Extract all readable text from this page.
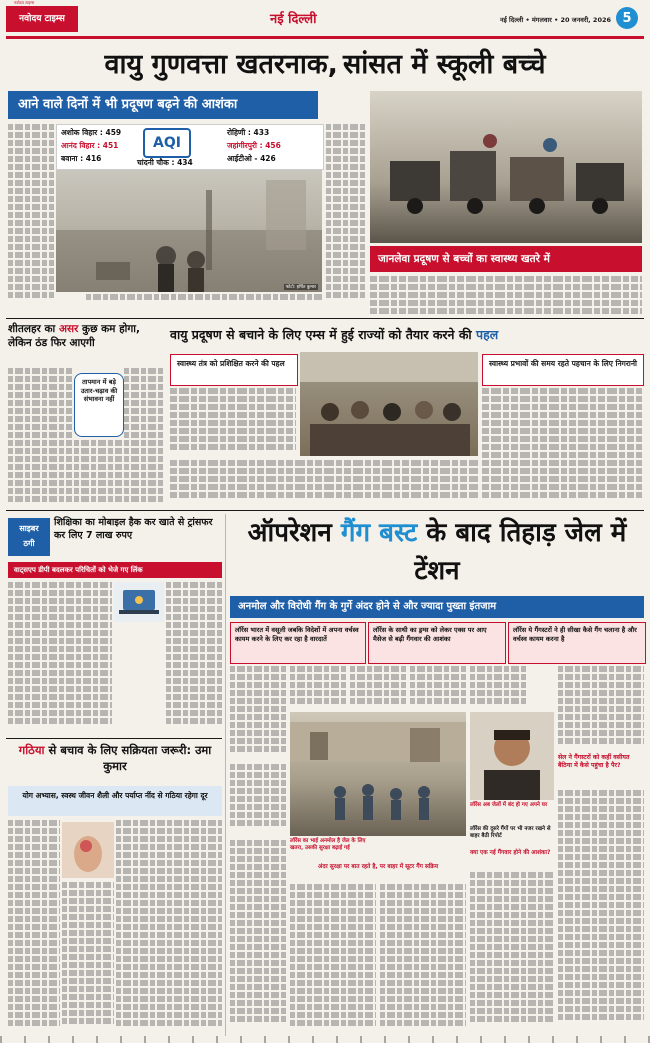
नवोदय टाइम्स
नवोदय टाइम्स
नई दिल्ली	नई दिल्ली • मंगलवार • 20 जनवरी, 2026 5
वायु गुणवत्ता खतरनाक, सांसत में स्कूली बच्चे
आने वाले दिनों में भी प्रदूषण बढ़ने की आशंका
अशोक विहार : 459
आनंद विहार : 451
बवाना : 416
AQI
चांदनी चौक : 434
रोहिणी : 433
जहांगीरपुरी : 456
आईटीओ - 426
फोटो: हर्षित कुमार
जानलेवा प्रदूषण से बच्चों का स्वास्थ्य खतरे में
शीतलहर का असर कुछ कम होगा, लेकिन ठंड फिर आएगी
तापमान में बड़े उतार-चढ़ाव की संभावना नहीं
वायु प्रदूषण से बचाने के लिए एम्स में हुई राज्यों को तैयार करने की पहल
स्वास्थ्य तंत्र को प्रशिक्षित करने की पहल	स्वास्थ्य प्रभावों की समय रहते पहचान के लिए निगरानी
साइबर
ठगी
शिक्षिका का मोबाइल हैक कर खाते से ट्रांसफर कर लिए 7 लाख रुपए
वाट्सएप डीपी बदलकर परिचितों को भेजे गए लिंक
गठिया से बचाव के लिए सक्रियता जरूरी: उमा कुमार
योग अभ्यास, स्वस्थ जीवन शैली और पर्याप्त नींद से गठिया रहेगा दूर
ऑपरेशन गैंग बस्ट के बाद तिहाड़ जेल में टेंशन
अनमोल और विरोधी गैंग के गुर्गे अंदर होने से और ज्यादा पुख्ता इंतजाम
लॉरेंस भारत में वसूली जबकि विदेशों में अपना वर्चस्व कायम करने के लिए कर रहा है वारदातें
लॉरेंस के साथी का ड्रग्स को लेकर एक्स पर आए मैसेज से बढ़ी गैंगवार की आशंका
लॉरेंस ये गैंगस्टरों ने ही सीखा कैसे गैंग चलाना है और वर्चस्व कायम करना है
सेल ने गैंगस्टरों को कहीं वसीयत बैठिया में कैसे पहुंचा है पैर?
लॉरेंस का भाई अनमोल है जेल के लिए खतरा, उसकी सुरक्षा बढ़ाई गई
लॉरेंस अब जेलों में बंद हो गए अपने घर
लॉरेंस की दूसरे गैंगों पर भी नजर रखने से बाहर बैठी रिपोर्ट
अंदर सुरक्षा पर बात रहते है, पर बाहर में सूटर गैंग सक्रिय
क्या एक नई गैंगवार होने की आशंका?
